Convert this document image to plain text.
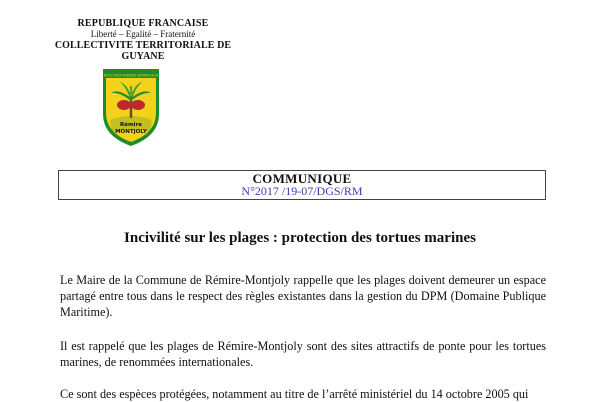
REPUBLIQUE FRANCAISE
Liberté – Egalité – Fraternité
COLLECTIVITE TERRITORIALE DE GUYANE
ROCU REDI HABENS SEMPER ALIA
Rémire
MONTJOLY
COMMUNIQUE
N°2017 /19-07/DGS/RM
Incivilité sur les plages : protection des tortues marines
Le Maire de la Commune de Rémire-Montjoly rappelle que les plages doivent demeurer un espace partagé entre tous dans le respect des règles existantes dans la gestion du DPM (Domaine Publique Maritime).
Il est rappelé que les plages de Rémire-Montjoly sont des sites attractifs de ponte pour les tortues marines, de renommées internationales.
Ce sont des espèces protégées, notamment au titre de l’arrêté ministériel du 14 octobre 2005 qui
